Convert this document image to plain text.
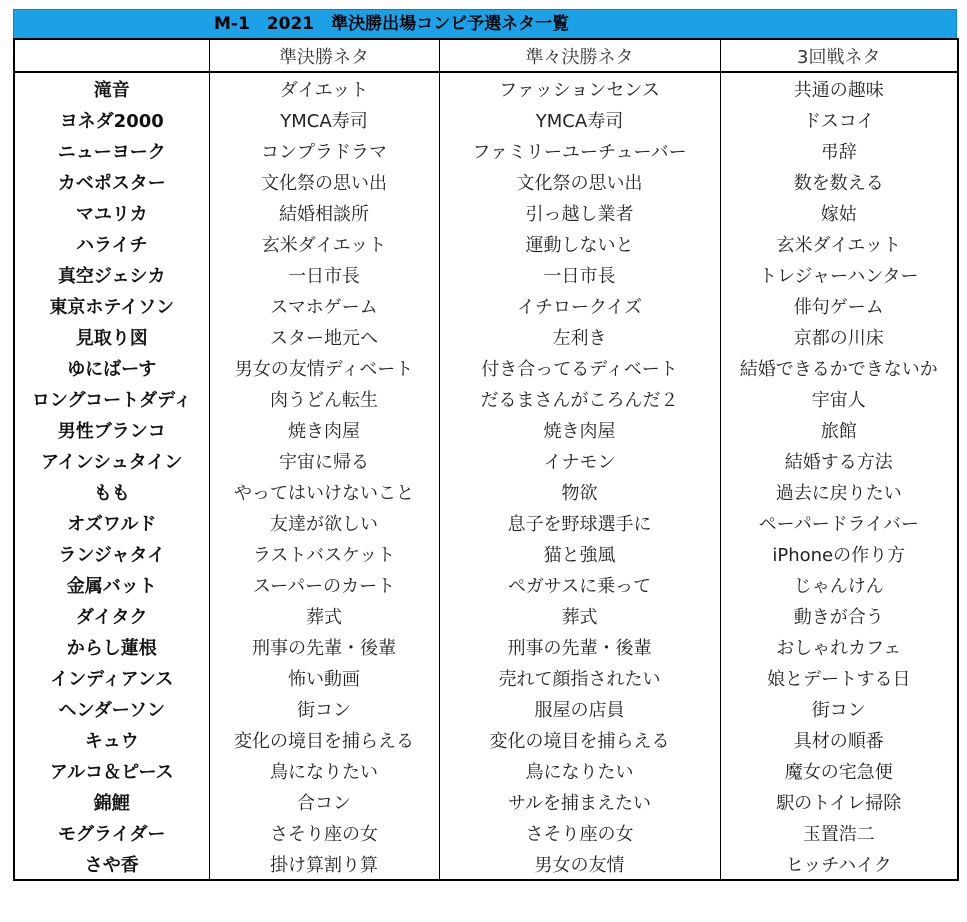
M-1　2021　準決勝出場コンビ予選ネタ一覧
	準決勝ネタ	準々決勝ネタ	3回戦ネタ
滝音	ダイエット	ファッションセンス	共通の趣味
ヨネダ2000	YMCA寿司	YMCA寿司	ドスコイ
ニューヨーク	コンプラドラマ	ファミリーユーチューバー	弔辞
カベポスター	文化祭の思い出	文化祭の思い出	数を数える
マユリカ	結婚相談所	引っ越し業者	嫁姑
ハライチ	玄米ダイエット	運動しないと	玄米ダイエット
真空ジェシカ	一日市長	一日市長	トレジャーハンター
東京ホテイソン	スマホゲーム	イチロークイズ	俳句ゲーム
見取り図	スター地元へ	左利き	京都の川床
ゆにばーす	男女の友情ディベート	付き合ってるディベート	結婚できるかできないか
ロングコートダディ	肉うどん転生	だるまさんがころんだ２	宇宙人
男性ブランコ	焼き肉屋	焼き肉屋	旅館
アインシュタイン	宇宙に帰る	イナモン	結婚する方法
もも	やってはいけないこと	物欲	過去に戻りたい
オズワルド	友達が欲しい	息子を野球選手に	ペーパードライバー
ランジャタイ	ラストバスケット	猫と強風	iPhoneの作り方
金属バット	スーパーのカート	ペガサスに乗って	じゃんけん
ダイタク	葬式	葬式	動きが合う
からし蓮根	刑事の先輩・後輩	刑事の先輩・後輩	おしゃれカフェ
インディアンス	怖い動画	売れて顔指されたい	娘とデートする日
ヘンダーソン	街コン	服屋の店員	街コン
キュウ	変化の境目を捕らえる	変化の境目を捕らえる	具材の順番
アルコ＆ピース	鳥になりたい	鳥になりたい	魔女の宅急便
錦鯉	合コン	サルを捕まえたい	駅のトイレ掃除
モグライダー	さそり座の女	さそり座の女	玉置浩二
さや香	掛け算割り算	男女の友情	ヒッチハイク
